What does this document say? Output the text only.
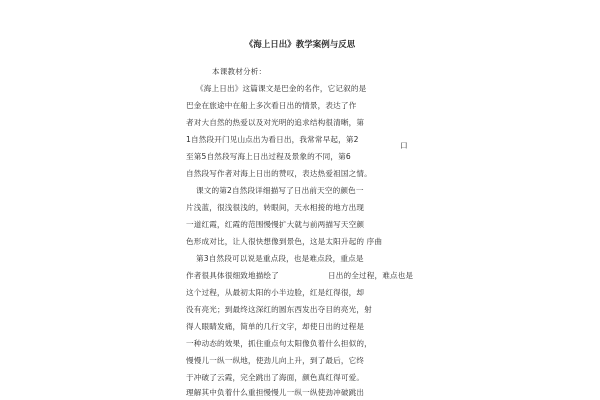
《海上日出》教学案例与反思
本课教材分析：
《海上日出》这篇课文是巴金的名作，它记叙的是
巴金在旅途中在船上多次看日出的情景，表达了作
者对大自然的热爱以及对光明的追求结构很清晰，第
1自然段开门见山点出为看日出，我常常早起，第2
至第5自然段写海上日出过程及景象的不同，第6
自然段写作者对海上日出的赞叹，表达热爱祖国之情。
课文的第2自然段详细描写了日出前天空的颜色一
片浅蓝，很浅很浅的，转眼间，天水相接的地方出现
一道红霞，红霞的范围慢慢扩大就与前两描写天空颜
色形成对比，让人很快想像到景色，这是太阳升起的 序曲
第3自然段可以说是重点段，也是难点段，重点是
作者很具体很细致地描绘了	日出的全过程，难点也是
这个过程，从最初太阳的小半边脸，红是红得很，却
没有亮光；到最终这深红的圆东西发出夺目的亮光，射
得人眼睛发痛，简单的几行文字，却使日出的过程是
一种动态的效果，抓住重点句太阳像负着什么担似的，
慢慢儿一纵一纵地，使劲儿向上升，到了最后，它终
于冲破了云霞，完全跳出了海面，颜色真红得可爱。
理解其中负着什么重担慢慢儿一纵一纵使劲冲破跳出
口
